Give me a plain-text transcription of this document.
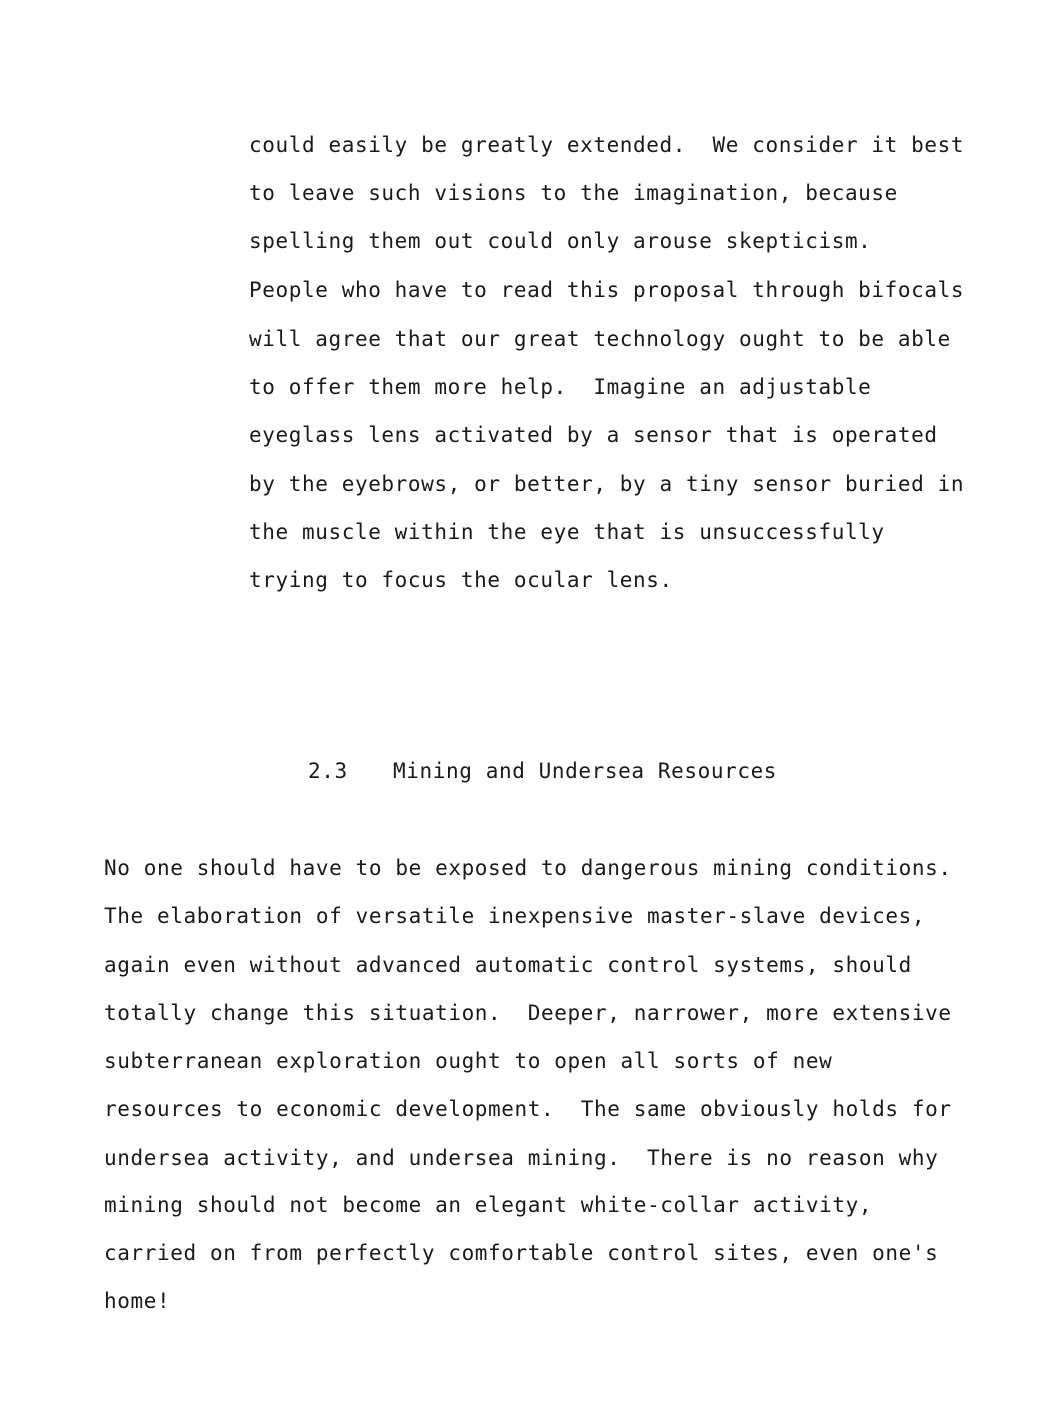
could easily be greatly extended.  We consider it best
to leave such visions to the imagination, because
spelling them out could only arouse skepticism.
People who have to read this proposal through bifocals
will agree that our great technology ought to be able
to offer them more help.  Imagine an adjustable
eyeglass lens activated by a sensor that is operated
by the eyebrows, or better, by a tiny sensor buried in
the muscle within the eye that is unsuccessfully
trying to focus the ocular lens.
2.3 Mining and Undersea Resources
No one should have to be exposed to dangerous mining conditions.
The elaboration of versatile inexpensive master-slave devices,
again even without advanced automatic control systems, should
totally change this situation.  Deeper, narrower, more extensive
subterranean exploration ought to open all sorts of new
resources to economic development.  The same obviously holds for
undersea activity, and undersea mining.  There is no reason why
mining should not become an elegant white-collar activity,
carried on from perfectly comfortable control sites, even one's
home!
